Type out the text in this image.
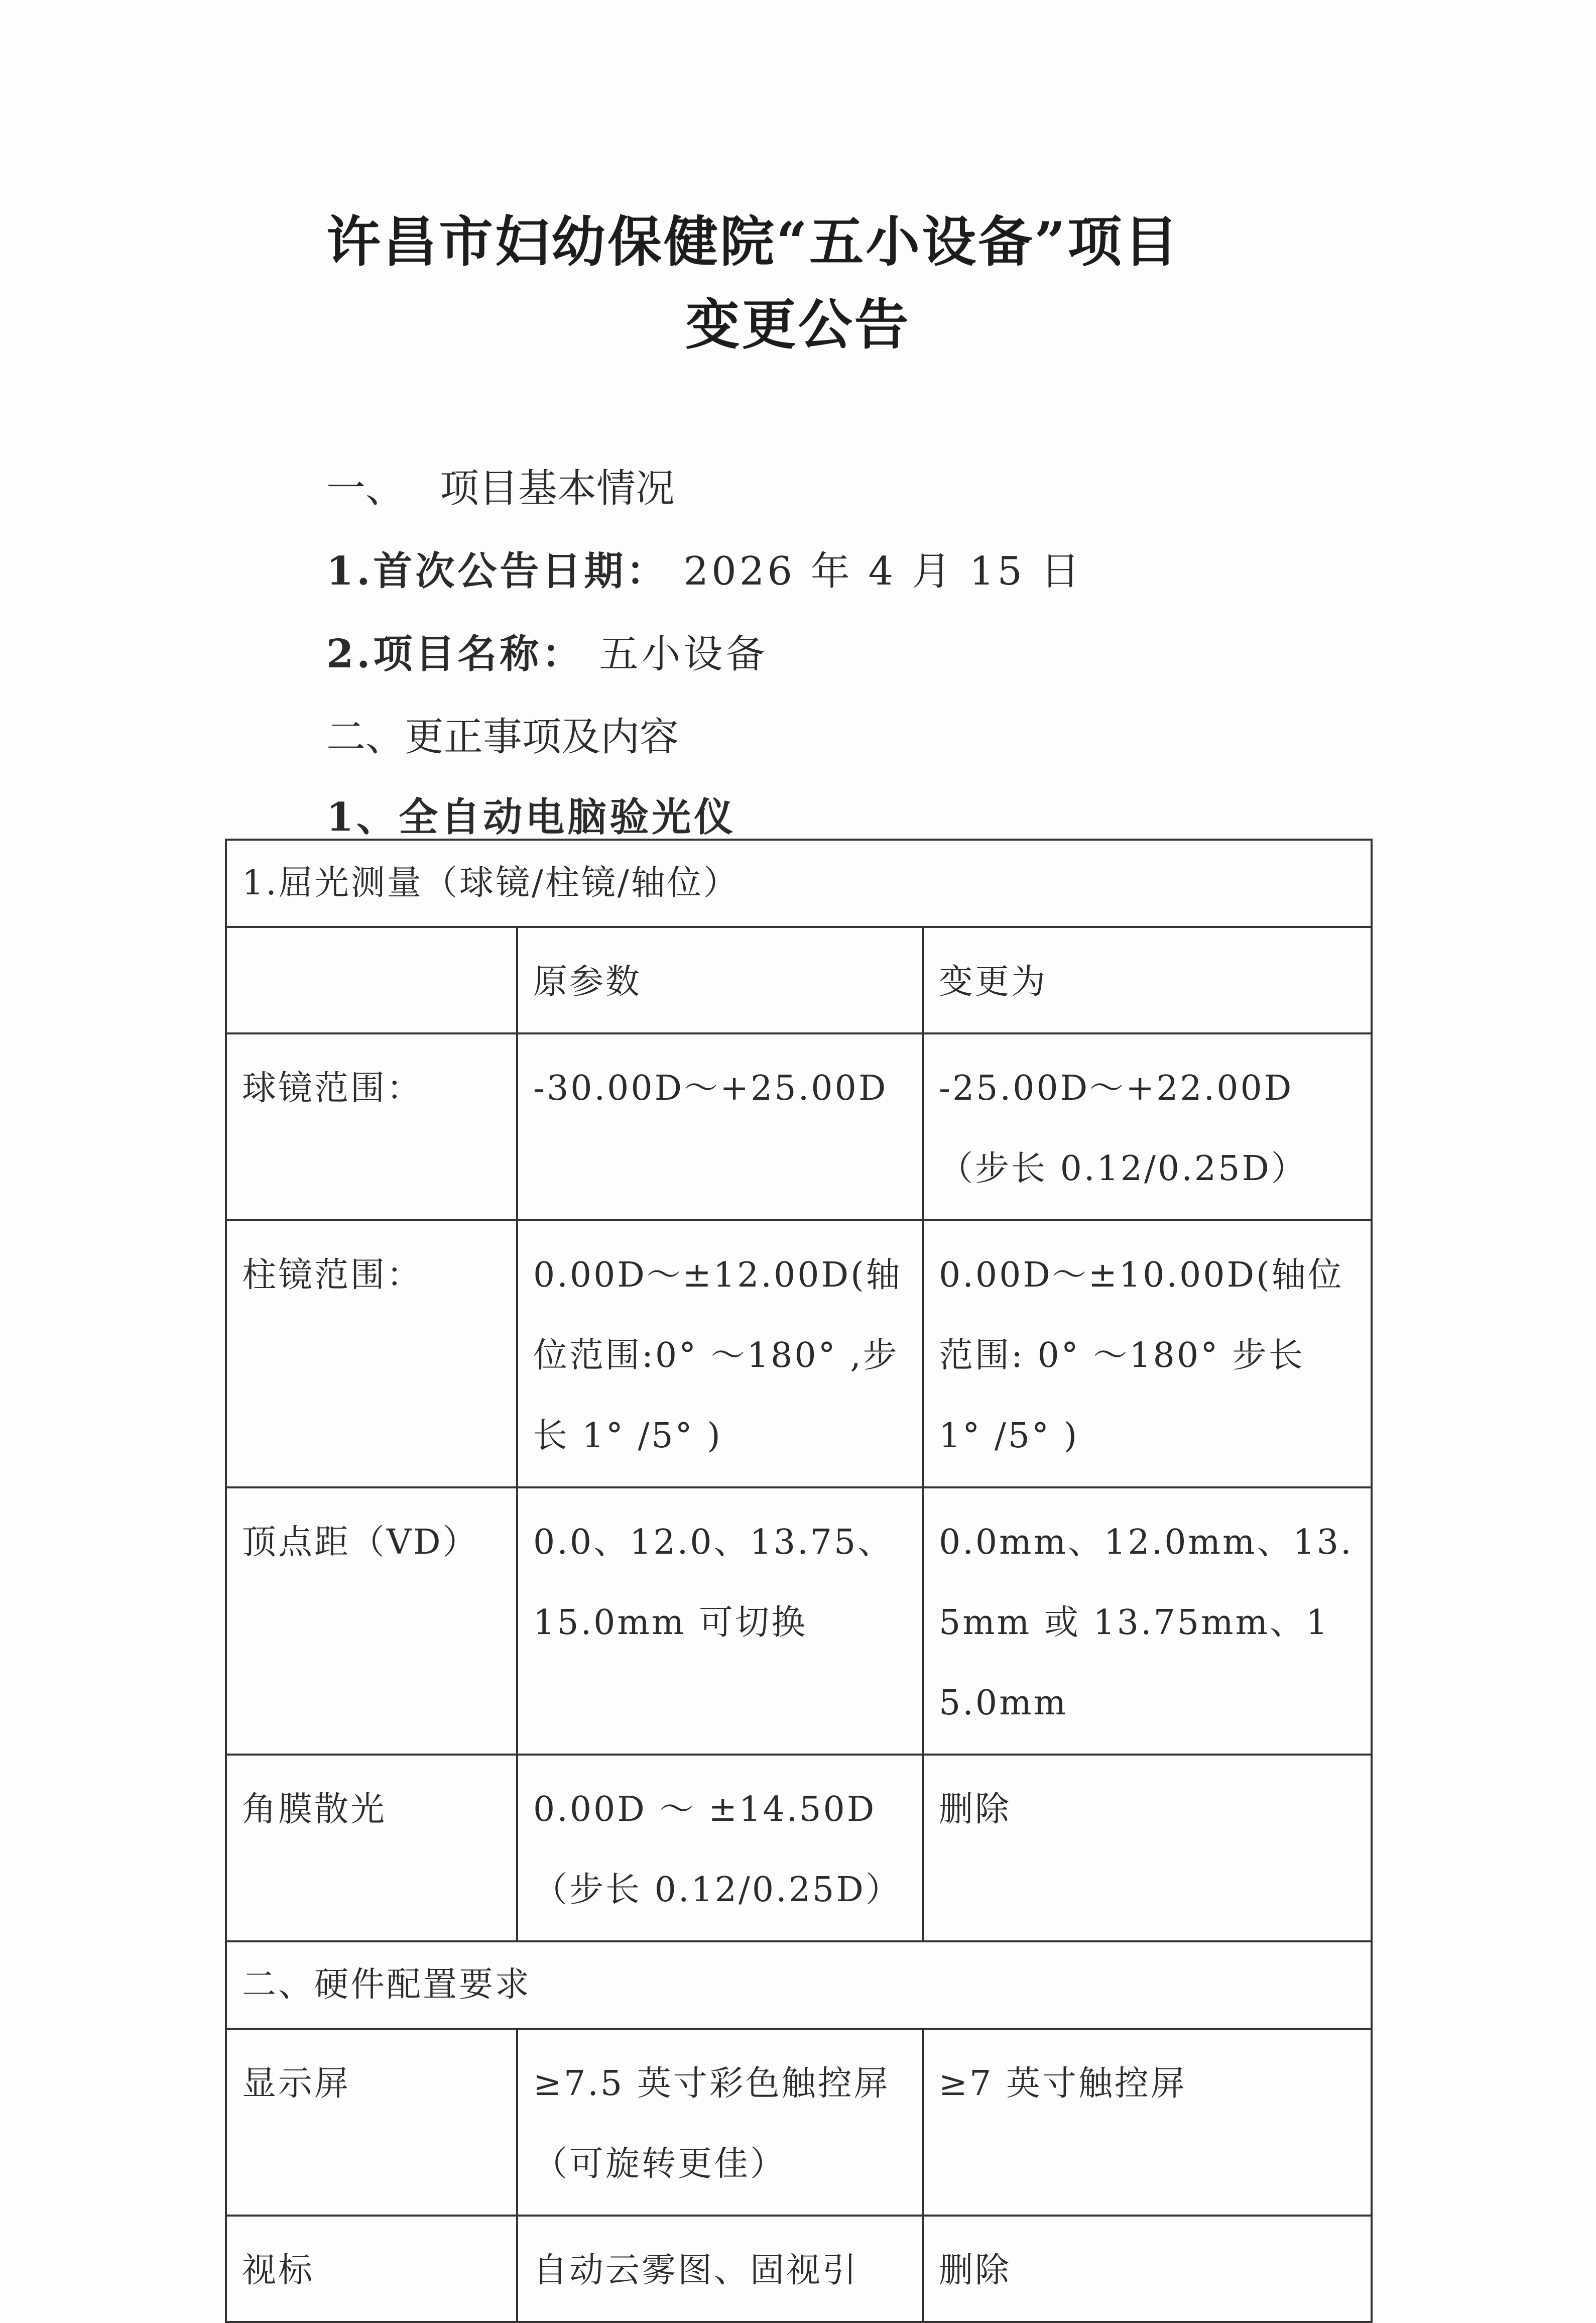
许昌市妇幼保健院“五小设备”项目
变更公告
一、 项目基本情况
1.首次公告日期： 2026 年 4 月 15 日
2.项目名称： 五小设备
二、更正事项及内容
1、全自动电脑验光仪
1.屈光测量（球镜/柱镜/轴位）		
	原参数	变更为
球镜范围：	-30.00D～+25.00D	-25.00D～+22.00D（步长 0.12/0.25D）
柱镜范围：	0.00D～±12.00D(轴位范围:0° ～180° ,步长 1° /5° )	0.00D～±10.00D(轴位范围: 0° ～180° 步长 1° /5° )
顶点距（VD）	0.0、12.0、13.75、15.0mm 可切换	0.0mm、12.0mm、13.5mm 或 13.75mm、15.0mm
角膜散光	0.00D ～ ±14.50D（步长 0.12/0.25D）	删除
二、硬件配置要求		
显示屏	≥7.5 英寸彩色触控屏（可旋转更佳）	≥7 英寸触控屏
视标	自动云雾图、固视引	删除
